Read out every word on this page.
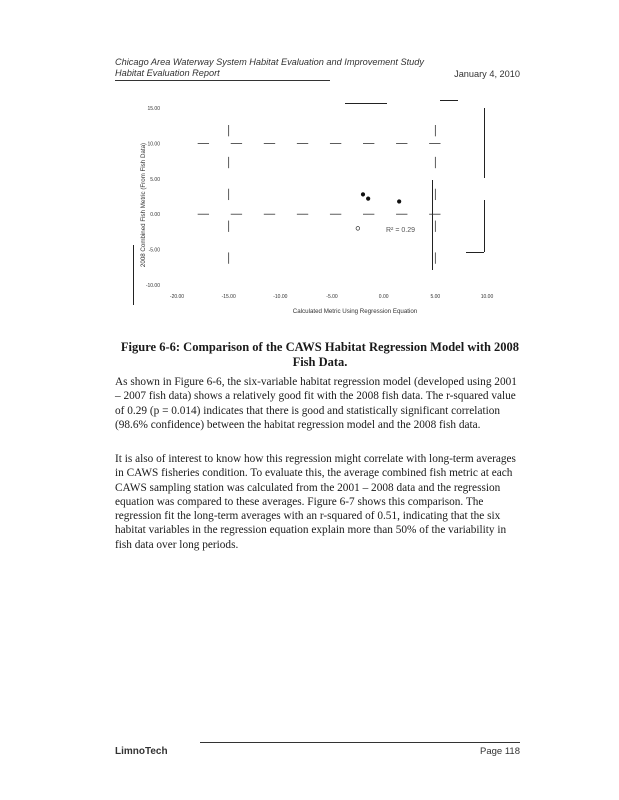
Chicago Area Waterway System Habitat Evaluation and Improvement Study
Habitat Evaluation Report	January 4, 2010
2008 Combined Fish Metric (From Fish Data)
Calculated Metric Using Regression Equation
15.00
10.00
5.00
0.00
-5.00
-10.00
-20.00	-15.00	-10.00	-5.00	0.00	5.00	10.00
R² = 0.29
Figure 6-6: Comparison of the CAWS Habitat Regression Model with 2008 Fish Data.

As shown in Figure 6-6, the six-variable habitat regression model (developed using 2001 – 2007 fish data) shows a relatively good fit with the 2008 fish data. The r-squared value of 0.29 (p = 0.014) indicates that there is good and statistically significant correlation (98.6% confidence) between the habitat regression model and the 2008 fish data.

It is also of interest to know how this regression might correlate with long-term averages in CAWS fisheries condition. To evaluate this, the average combined fish metric at each CAWS sampling station was calculated from the 2001 – 2008 data and the regression equation was compared to these averages. Figure 6-7 shows this comparison. The regression fit the long-term averages with an r-squared of 0.51, indicating that the six habitat variables in the regression equation explain more than 50% of the variability in fish data over long periods.

LimnoTech	Page 118
